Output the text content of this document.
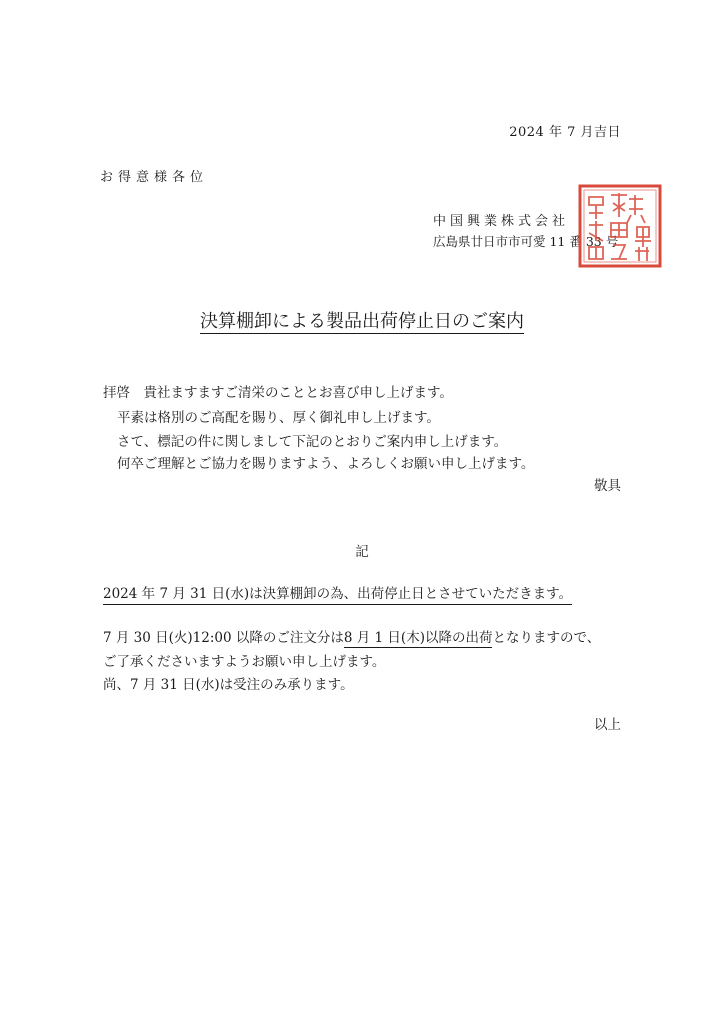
2024 年 7 月吉日
お得意様各位
中国興業株式会社
広島県廿日市市可愛 11 番 33 号
決算棚卸による製品出荷停止日のご案内
拝啓　貴社ますますご清栄のこととお喜び申し上げます。
平素は格別のご高配を賜り、厚く御礼申し上げます。
さて、標記の件に関しまして下記のとおりご案内申し上げます。
何卒ご理解とご協力を賜りますよう、よろしくお願い申し上げます。
敬具
記
2024 年 7 月 31 日(水)は決算棚卸の為、出荷停止日とさせていただきます。
7 月 30 日(火)12:00 以降のご注文分は8 月 1 日(木)以降の出荷となりますので、
ご了承くださいますようお願い申し上げます。
尚、7 月 31 日(水)は受注のみ承ります。
以上
